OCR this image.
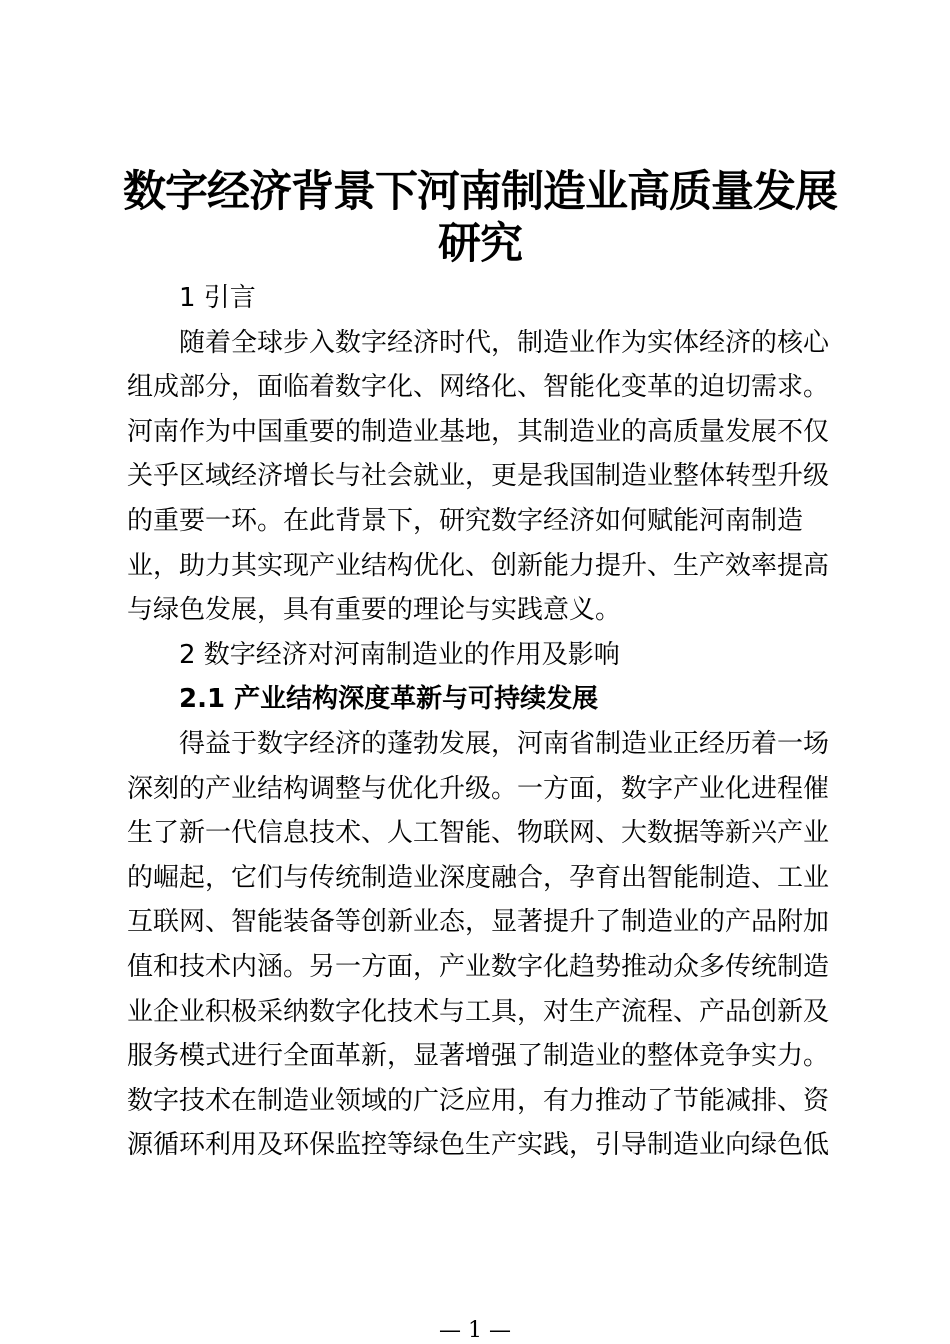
数字经济背景下河南制造业高质量发展
研究
1 引言
随着全球步入数字经济时代，制造业作为实体经济的核心
组成部分，面临着数字化、网络化、智能化变革的迫切需求。
河南作为中国重要的制造业基地，其制造业的高质量发展不仅
关乎区域经济增长与社会就业，更是我国制造业整体转型升级
的重要一环。在此背景下，研究数字经济如何赋能河南制造
业，助力其实现产业结构优化、创新能力提升、生产效率提高
与绿色发展，具有重要的理论与实践意义。
2 数字经济对河南制造业的作用及影响
2.1 产业结构深度革新与可持续发展
得益于数字经济的蓬勃发展，河南省制造业正经历着一场
深刻的产业结构调整与优化升级。一方面，数字产业化进程催
生了新一代信息技术、人工智能、物联网、大数据等新兴产业
的崛起，它们与传统制造业深度融合，孕育出智能制造、工业
互联网、智能装备等创新业态，显著提升了制造业的产品附加
值和技术内涵。另一方面，产业数字化趋势推动众多传统制造
业企业积极采纳数字化技术与工具，对生产流程、产品创新及
服务模式进行全面革新，显著增强了制造业的整体竞争实力。
数字技术在制造业领域的广泛应用，有力推动了节能减排、资
源循环利用及环保监控等绿色生产实践，引导制造业向绿色低
— 1 —
